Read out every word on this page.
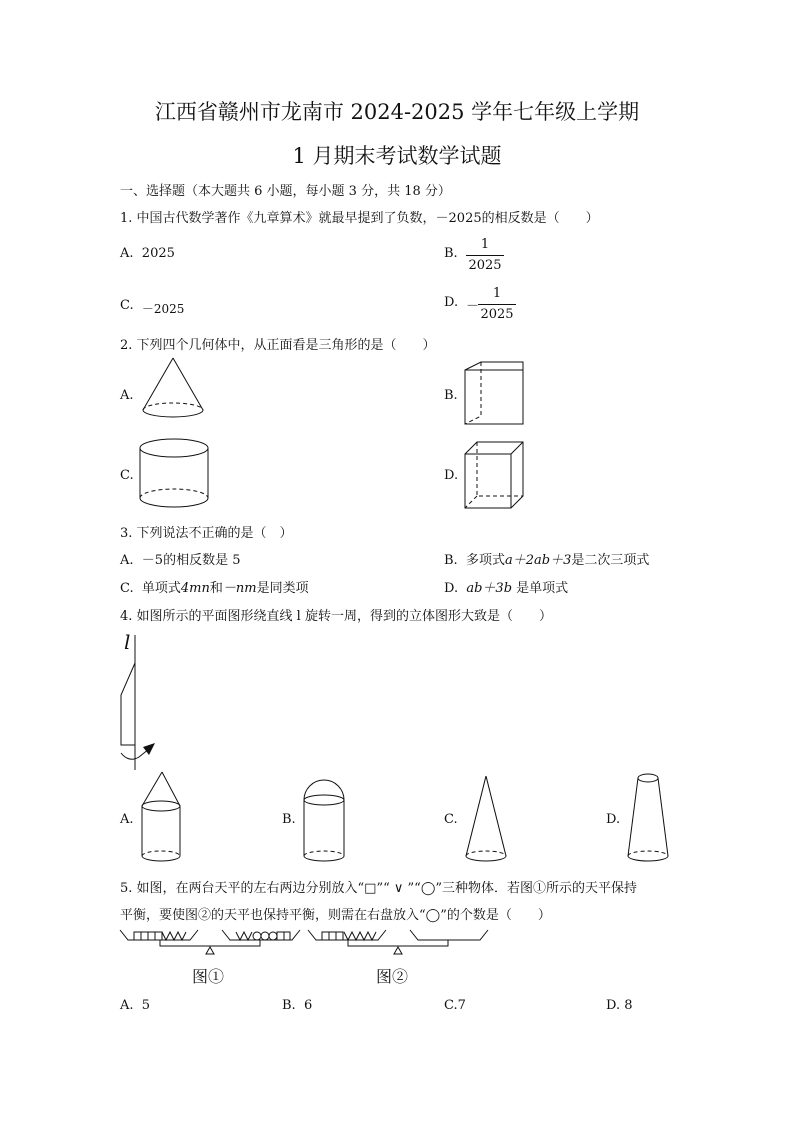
江西省赣州市龙南市 2024-2025 学年七年级上学期
1 月期末考试数学试题
一、选择题（本大题共 6 小题，每小题 3 分，共 18 分）
1. 中国古代数学著作《九章算术》就最早提到了负数，－2025的相反数是（　　）
A. 2025	B.
1
2025
C. －2025	D. －
1
2025
2. 下列四个几何体中，从正面看是三角形的是（　　）
A.	B.
C.	D.
3. 下列说法不正确的是（　）
A. －5的相反数是 5	B. 多项式a＋2ab＋3是二次三项式
C. 单项式4mn和－nm是同类项	D. ab＋3b 是单项式
4. 如图所示的平面图形绕直线 l 旋转一周，得到的立体图形大致是（　　）
l
A.	B.	C.	D.
5. 如图，在两台天平的左右两边分别放入“□”“ ∨ ”“◯”三种物体．若图①所示的天平保持
平衡，要使图②的天平也保持平衡，则需在右盘放入“◯”的个数是（　　）
图①	图②
A. 5	B. 6	C.7	D. 8
